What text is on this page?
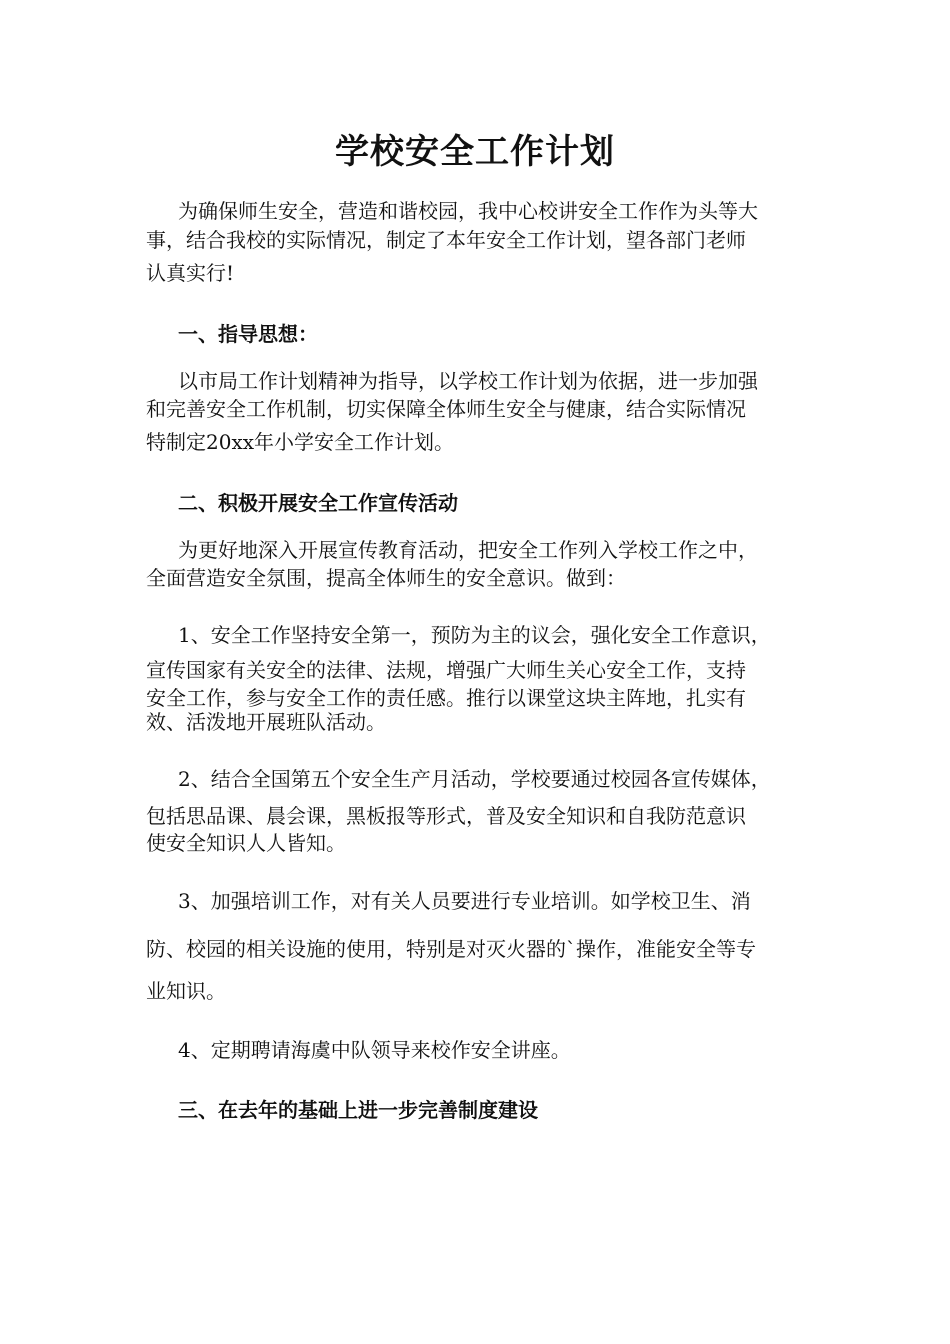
学校安全工作计划
为确保师生安全，营造和谐校园，我中心校讲安全工作作为头等大
事，结合我校的实际情况，制定了本年安全工作计划，望各部门老师
认真实行!
一、指导思想：
以市局工作计划精神为指导，以学校工作计划为依据，进一步加强
和完善安全工作机制，切实保障全体师生安全与健康，结合实际情况
特制定20xx年小学安全工作计划。
二、积极开展安全工作宣传活动
为更好地深入开展宣传教育活动，把安全工作列入学校工作之中，
全面营造安全氛围，提高全体师生的安全意识。做到：
1、安全工作坚持安全第一，预防为主的议会，强化安全工作意识，
宣传国家有关安全的法律、法规，增强广大师生关心安全工作，支持
安全工作，参与安全工作的责任感。推行以课堂这块主阵地，扎实有
效、活泼地开展班队活动。
2、结合全国第五个安全生产月活动，学校要通过校园各宣传媒体，
包括思品课、晨会课，黑板报等形式，普及安全知识和自我防范意识
使安全知识人人皆知。
3、加强培训工作，对有关人员要进行专业培训。如学校卫生、消
防、校园的相关设施的使用，特别是对灭火器的`操作，准能安全等专
业知识。
4、定期聘请海虞中队领导来校作安全讲座。
三、在去年的基础上进一步完善制度建设
